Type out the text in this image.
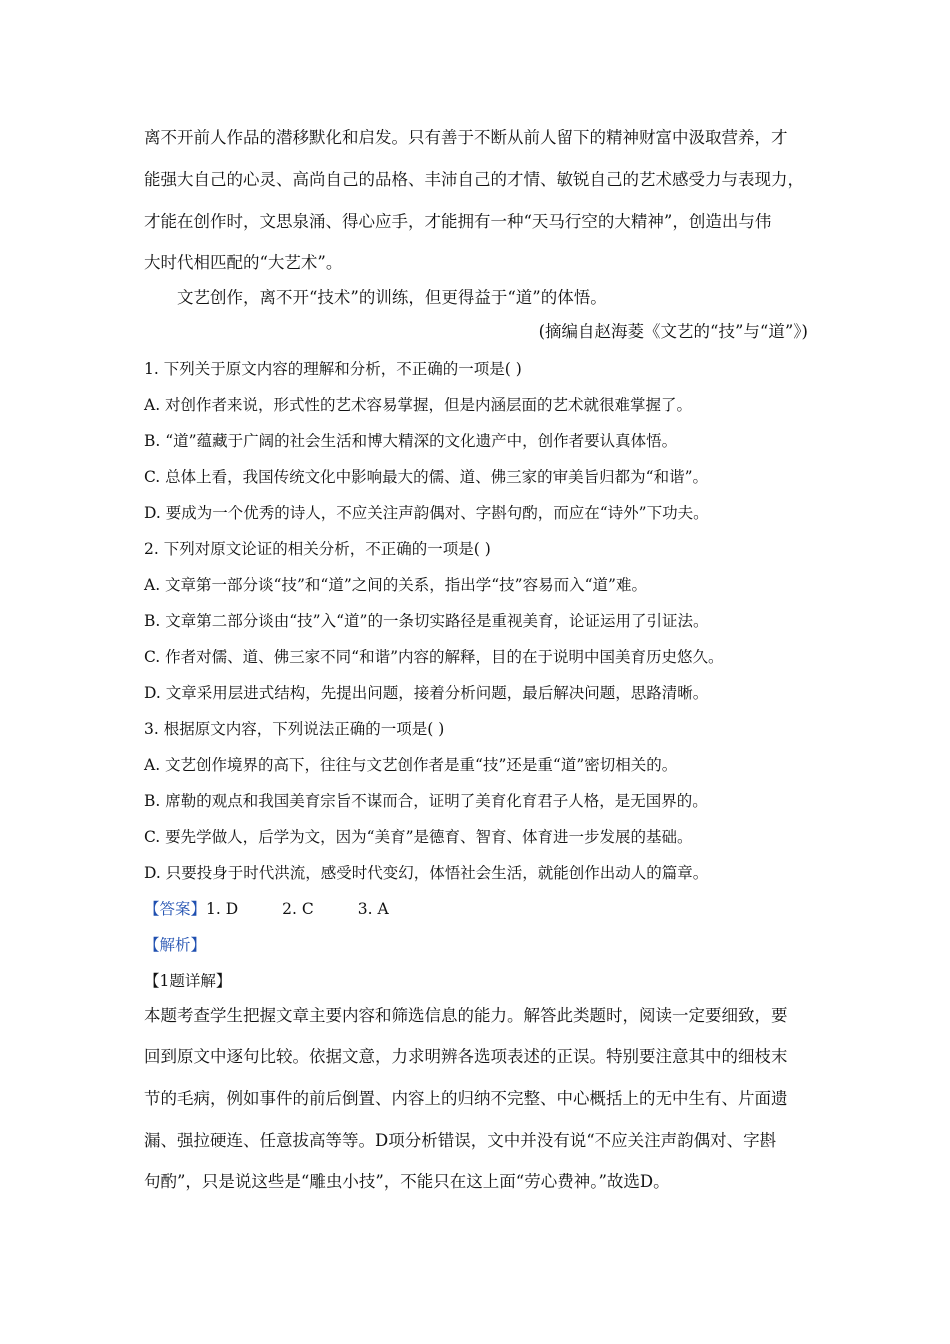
离不开前人作品的潜移默化和启发。只有善于不断从前人留下的精神财富中汲取营养，才
能强大自己的心灵、高尚自己的品格、丰沛自己的才情、敏锐自己的艺术感受力与表现力，
才能在创作时，文思泉涌、得心应手，才能拥有一种“天马行空的大精神”，创造出与伟
大时代相匹配的“大艺术”。
文艺创作，离不开“技术”的训练，但更得益于“道”的体悟。
(摘编自赵海菱《文艺的“技”与“道”》)
1. 下列关于原文内容的理解和分析，不正确的一项是( )
A. 对创作者来说，形式性的艺术容易掌握，但是内涵层面的艺术就很难掌握了。
B. “道”蕴藏于广阔的社会生活和博大精深的文化遗产中，创作者要认真体悟。
C. 总体上看，我国传统文化中影响最大的儒、道、佛三家的审美旨归都为“和谐”。
D. 要成为一个优秀的诗人，不应关注声韵偶对、字斟句酌，而应在“诗外”下功夫。
2. 下列对原文论证的相关分析，不正确的一项是( )
A. 文章第一部分谈“技”和“道”之间的关系，指出学“技”容易而入“道”难。
B. 文章第二部分谈由“技”入“道”的一条切实路径是重视美育，论证运用了引证法。
C. 作者对儒、道、佛三家不同“和谐”内容的解释，目的在于说明中国美育历史悠久。
D. 文章采用层进式结构，先提出问题，接着分析问题，最后解决问题，思路清晰。
3. 根据原文内容，下列说法正确的一项是( )
A. 文艺创作境界的高下，往往与文艺创作者是重“技”还是重“道”密切相关的。
B. 席勒的观点和我国美育宗旨不谋而合，证明了美育化育君子人格，是无国界的。
C. 要先学做人，后学为文，因为“美育”是德育、智育、体育进一步发展的基础。
D. 只要投身于时代洪流，感受时代变幻，体悟社会生活，就能创作出动人的篇章。
【答案】1. D	2. C	3. A
【解析】
【1题详解】
本题考查学生把握文章主要内容和筛选信息的能力。解答此类题时，阅读一定要细致，要
回到原文中逐句比较。依据文意，力求明辨各选项表述的正误。特别要注意其中的细枝末
节的毛病，例如事件的前后倒置、内容上的归纳不完整、中心概括上的无中生有、片面遗
漏、强拉硬连、任意拔高等等。D项分析错误，文中并没有说“不应关注声韵偶对、字斟
句酌”，只是说这些是“雕虫小技”，不能只在这上面“劳心费神。”故选D。
